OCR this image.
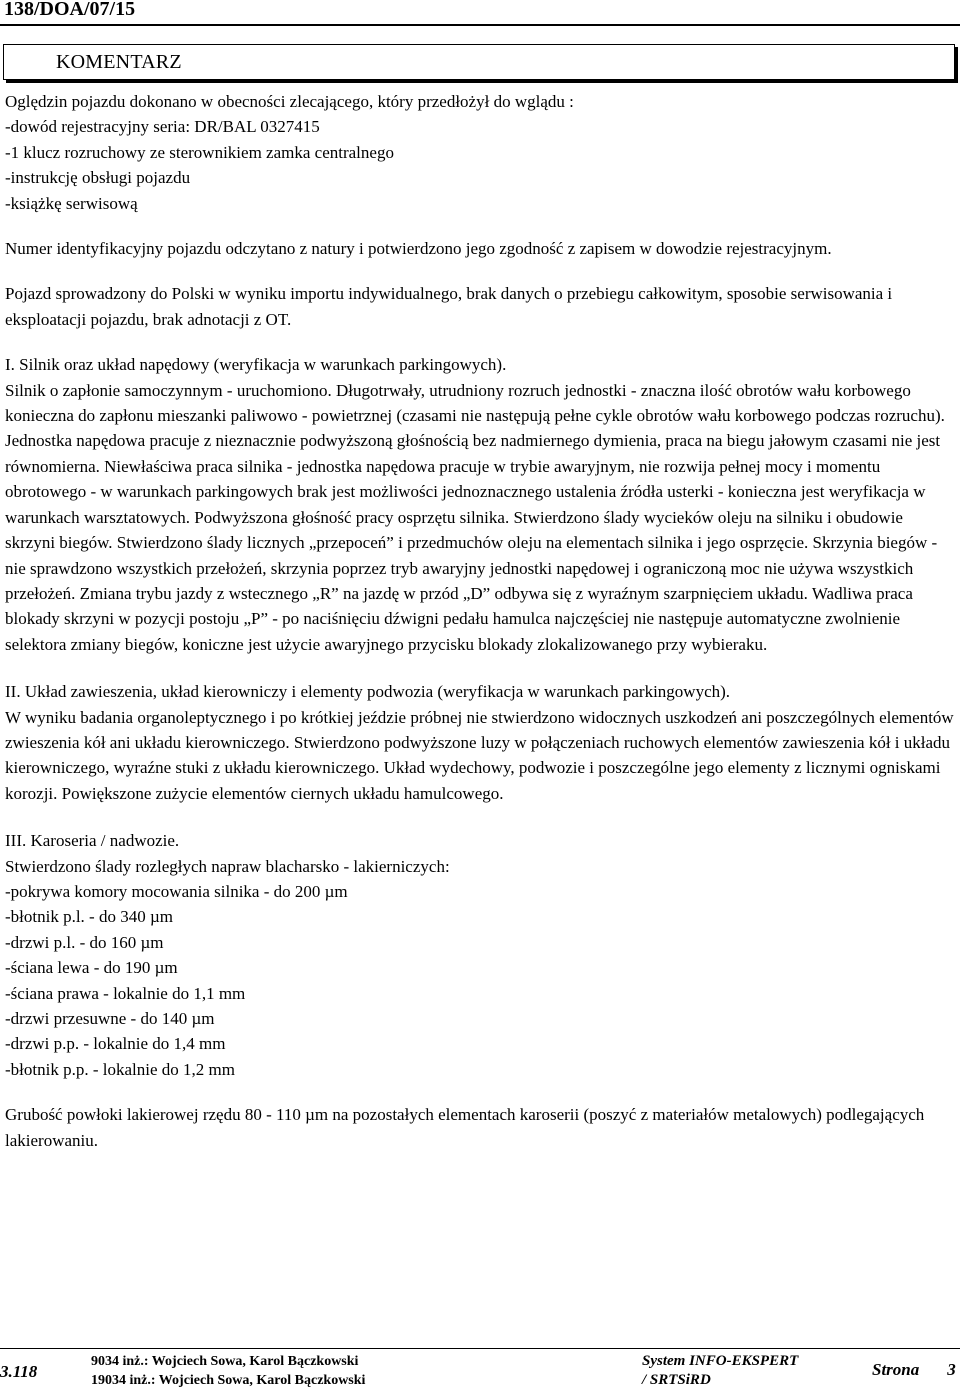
138/DOA/07/15
KOMENTARZ

Oględzin pojazdu dokonano w obecności zlecającego, który przedłożył do wglądu :
-dowód rejestracyjny seria: DR/BAL 0327415
-1 klucz rozruchowy ze sterownikiem zamka centralnego
-instrukcję obsługi pojazdu
-książkę serwisową

Numer identyfikacyjny pojazdu odczytano z natury i potwierdzono jego zgodność z zapisem w dowodzie rejestracyjnym.

Pojazd sprowadzony do Polski w wyniku importu indywidualnego, brak danych o przebiegu całkowitym, sposobie serwisowania i eksploatacji pojazdu, brak adnotacji z OT.

I. Silnik oraz układ napędowy (weryfikacja w warunkach parkingowych).

Silnik o zapłonie samoczynnym - uruchomiono. Długotrwały, utrudniony rozruch jednostki - znaczna ilość obrotów wału korbowego konieczna do zapłonu mieszanki paliwowo - powietrznej (czasami nie następują pełne cykle obrotów wału korbowego podczas rozruchu). Jednostka napędowa pracuje z nieznacznie podwyższoną głośnością bez nadmiernego dymienia, praca na biegu jałowym czasami nie jest równomierna. Niewłaściwa praca silnika - jednostka napędowa pracuje w trybie awaryjnym, nie rozwija pełnej mocy i momentu obrotowego - w warunkach parkingowych brak jest możliwości jednoznacznego ustalenia źródła usterki - konieczna jest weryfikacja w warunkach warsztatowych. Podwyższona głośność pracy osprzętu silnika. Stwierdzono ślady wycieków oleju na silniku i obudowie skrzyni biegów. Stwierdzono ślady licznych „przepoceń” i przedmuchów oleju na elementach silnika i jego osprzęcie. Skrzynia biegów - nie sprawdzono wszystkich przełożeń, skrzynia poprzez tryb awaryjny jednostki napędowej i ograniczoną moc nie używa wszystkich przełożeń. Zmiana trybu jazdy z wstecznego „R” na jazdę w przód „D” odbywa się z wyraźnym szarpnięciem układu. Wadliwa praca blokady skrzyni w pozycji postoju „P” - po naciśnięciu dźwigni pedału hamulca najczęściej nie następuje automatyczne zwolnienie selektora zmiany biegów, koniczne jest użycie awaryjnego przycisku blokady zlokalizowanego przy wybieraku.

II. Układ zawieszenia, układ kierowniczy i elementy podwozia (weryfikacja w warunkach parkingowych).

W wyniku badania organoleptycznego i po krótkiej jeździe próbnej nie stwierdzono widocznych uszkodzeń ani poszczególnych elementów zwieszenia kół ani układu kierowniczego. Stwierdzono podwyższone luzy w połączeniach ruchowych elementów zawieszenia kół i układu kierowniczego, wyraźne stuki z układu kierowniczego. Układ wydechowy, podwozie i poszczególne jego elementy z licznymi ogniskami korozji. Powiększone zużycie elementów ciernych układu hamulcowego.

III. Karoseria / nadwozie.

Stwierdzono ślady rozległych napraw blacharsko - lakierniczych:

-pokrywa komory mocowania silnika - do 200 µm
-błotnik p.l. - do 340 µm
-drzwi p.l. - do 160 µm
-ściana lewa - do 190 µm
-ściana prawa - lokalnie do 1,1 mm
-drzwi przesuwne - do 140 µm
-drzwi p.p. - lokalnie do 1,4 mm
-błotnik p.p. - lokalnie do 1,2 mm

Grubość powłoki lakierowej rzędu 80 - 110 µm na pozostałych elementach karoserii (poszyć z materiałów metalowych) podlegających lakierowaniu.

3.118
9034 inż.: Wojciech Sowa, Karol Bączkowski
19034 inż.: Wojciech Sowa, Karol Bączkowski
System INFO-EKSPERT
/ SRTSiRD
Strona 3
